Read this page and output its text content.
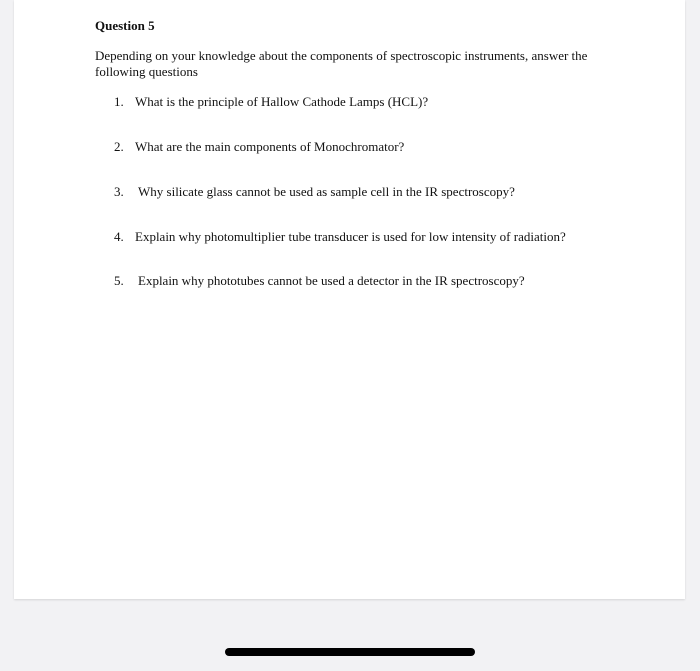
Question 5
Depending on your knowledge about the components of spectroscopic instruments, answer the following questions
1. What is the principle of Hallow Cathode Lamps (HCL)?
2. What are the main components of Monochromator?
3. Why silicate glass cannot be used as sample cell in the IR spectroscopy?
4. Explain why photomultiplier tube transducer is used for low intensity of radiation?
5. Explain why phototubes cannot be used a detector in the IR spectroscopy?
